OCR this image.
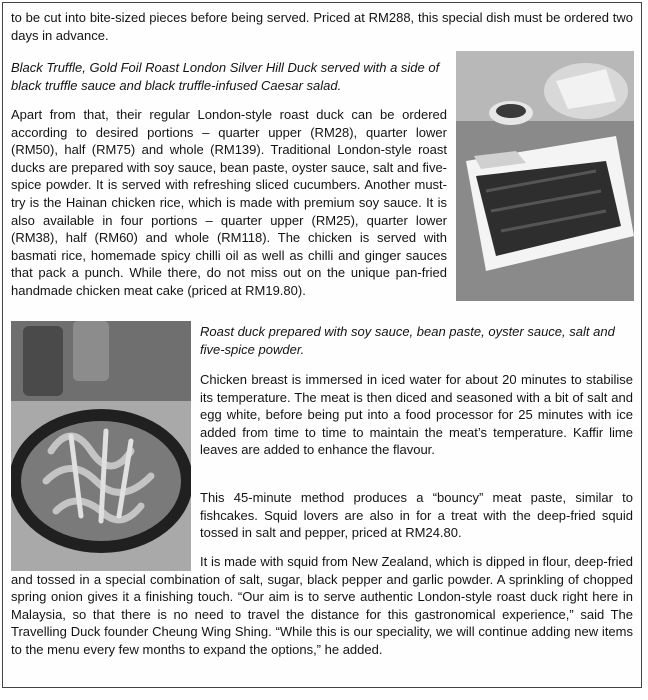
to be cut into bite-sized pieces before being served. Priced at RM288, this special dish must be ordered two days in advance.

Black Truffle, Gold Foil Roast London Silver Hill Duck served with a side of black truffle sauce and black truffle-infused Caesar salad.

Apart from that, their regular London-style roast duck can be ordered according to desired portions – quarter upper (RM28), quarter lower (RM50), half (RM75) and whole (RM139). Traditional London-style roast ducks are prepared with soy sauce, bean paste, oyster sauce, salt and five-spice powder. It is served with refreshing sliced cucumbers. Another must-try is the Hainan chicken rice, which is made with premium soy sauce. It is also available in four portions – quarter upper (RM25), quarter lower (RM38), half (RM60) and whole (RM118). The chicken is served with basmati rice, homemade spicy chilli oil as well as chilli and ginger sauces that pack a punch. While there, do not miss out on the unique pan-fried handmade chicken meat cake (priced at RM19.80).

Roast duck prepared with soy sauce, bean paste, oyster sauce, salt and five-spice powder.

Chicken breast is immersed in iced water for about 20 minutes to stabilise its temperature. The meat is then diced and seasoned with a bit of salt and egg white, before being put into a food processor for 25 minutes with ice added from time to time to maintain the meat’s temperature. Kaffir lime leaves are added to enhance the flavour.

This 45-minute method produces a “bouncy” meat paste, similar to fishcakes. Squid lovers are also in for a treat with the deep-fried squid tossed in salt and pepper, priced at RM24.80.

It is made with squid from New Zealand, which is dipped in flour, deep-fried and tossed in a special combination of salt, sugar, black pepper and garlic powder. A sprinkling of chopped spring onion gives it a finishing touch. “Our aim is to serve authentic London-style roast duck right here in Malaysia, so that there is no need to travel the distance for this gastronomical experience,” said The Travelling Duck founder Cheung Wing Shing. “While this is our speciality, we will continue adding new items to the menu every few months to expand the options,” he added.
